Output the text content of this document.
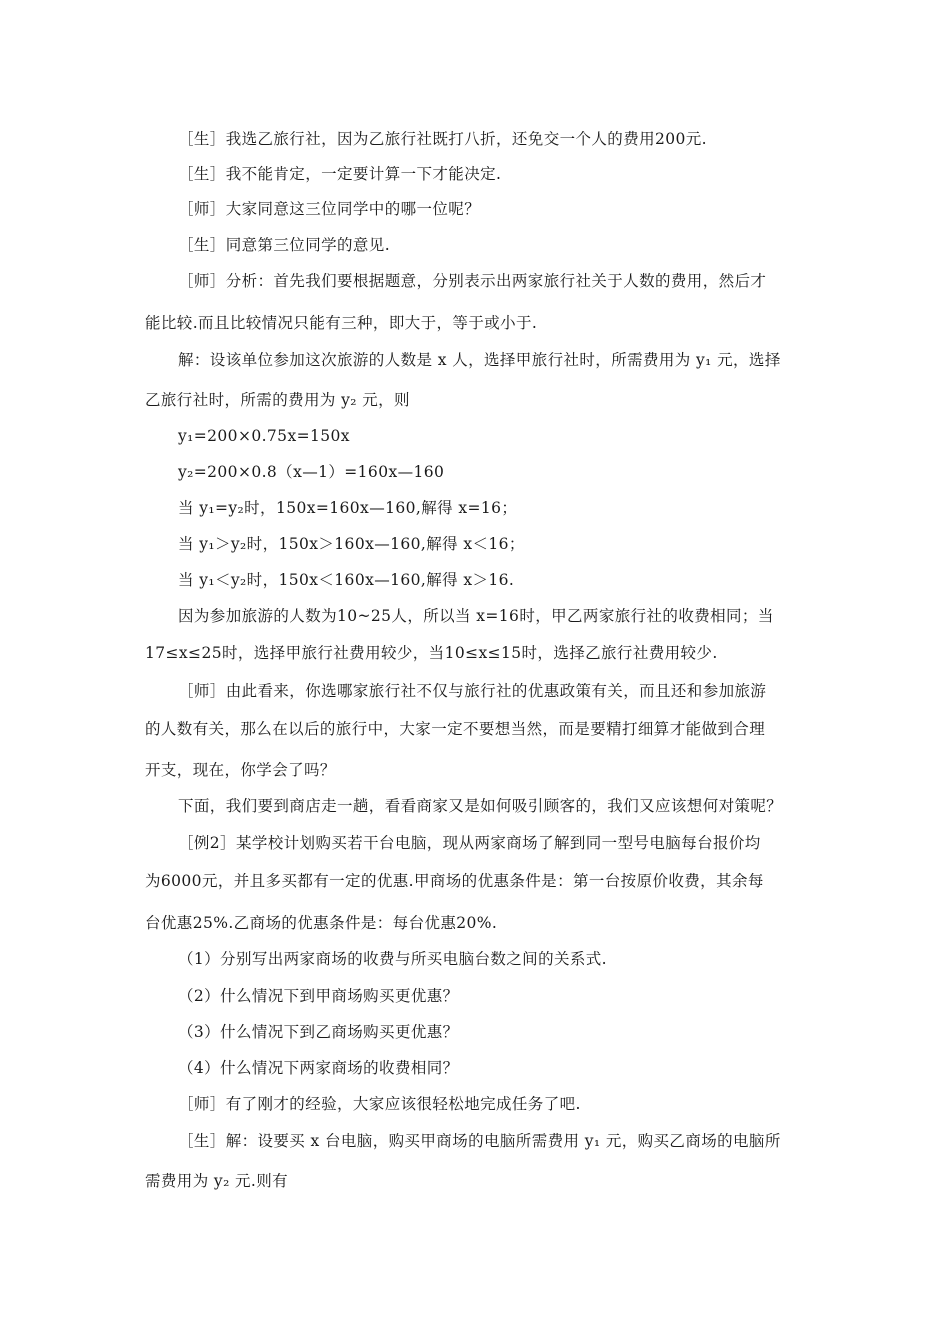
［生］我选乙旅行社，因为乙旅行社既打八折，还免交一个人的费用200元.
［生］我不能肯定，一定要计算一下才能决定.
［师］大家同意这三位同学中的哪一位呢？
［生］同意第三位同学的意见.
［师］分析：首先我们要根据题意，分别表示出两家旅行社关于人数的费用，然后才
能比较.而且比较情况只能有三种，即大于，等于或小于.
解：设该单位参加这次旅游的人数是 x 人，选择甲旅行社时，所需费用为 y₁ 元，选择
乙旅行社时，所需的费用为 y₂ 元，则
y₁=200×0.75x=150x
y₂=200×0.8（x—1）=160x—160
当 y₁=y₂时，150x=160x—160,解得 x=16；
当 y₁＞y₂时，150x＞160x—160,解得 x＜16；
当 y₁＜y₂时，150x＜160x—160,解得 x＞16.
因为参加旅游的人数为10~25人，所以当 x=16时，甲乙两家旅行社的收费相同；当
17≤x≤25时，选择甲旅行社费用较少，当10≤x≤15时，选择乙旅行社费用较少.
［师］由此看来，你选哪家旅行社不仅与旅行社的优惠政策有关，而且还和参加旅游
的人数有关，那么在以后的旅行中，大家一定不要想当然，而是要精打细算才能做到合理
开支，现在，你学会了吗？
下面，我们要到商店走一趟，看看商家又是如何吸引顾客的，我们又应该想何对策呢？
［例2］某学校计划购买若干台电脑，现从两家商场了解到同一型号电脑每台报价均
为6000元，并且多买都有一定的优惠.甲商场的优惠条件是：第一台按原价收费，其余每
台优惠25%.乙商场的优惠条件是：每台优惠20%.
（1）分别写出两家商场的收费与所买电脑台数之间的关系式.
（2）什么情况下到甲商场购买更优惠？
（3）什么情况下到乙商场购买更优惠？
（4）什么情况下两家商场的收费相同？
［师］有了刚才的经验，大家应该很轻松地完成任务了吧.
［生］解：设要买 x 台电脑，购买甲商场的电脑所需费用 y₁ 元，购买乙商场的电脑所
需费用为 y₂ 元.则有
